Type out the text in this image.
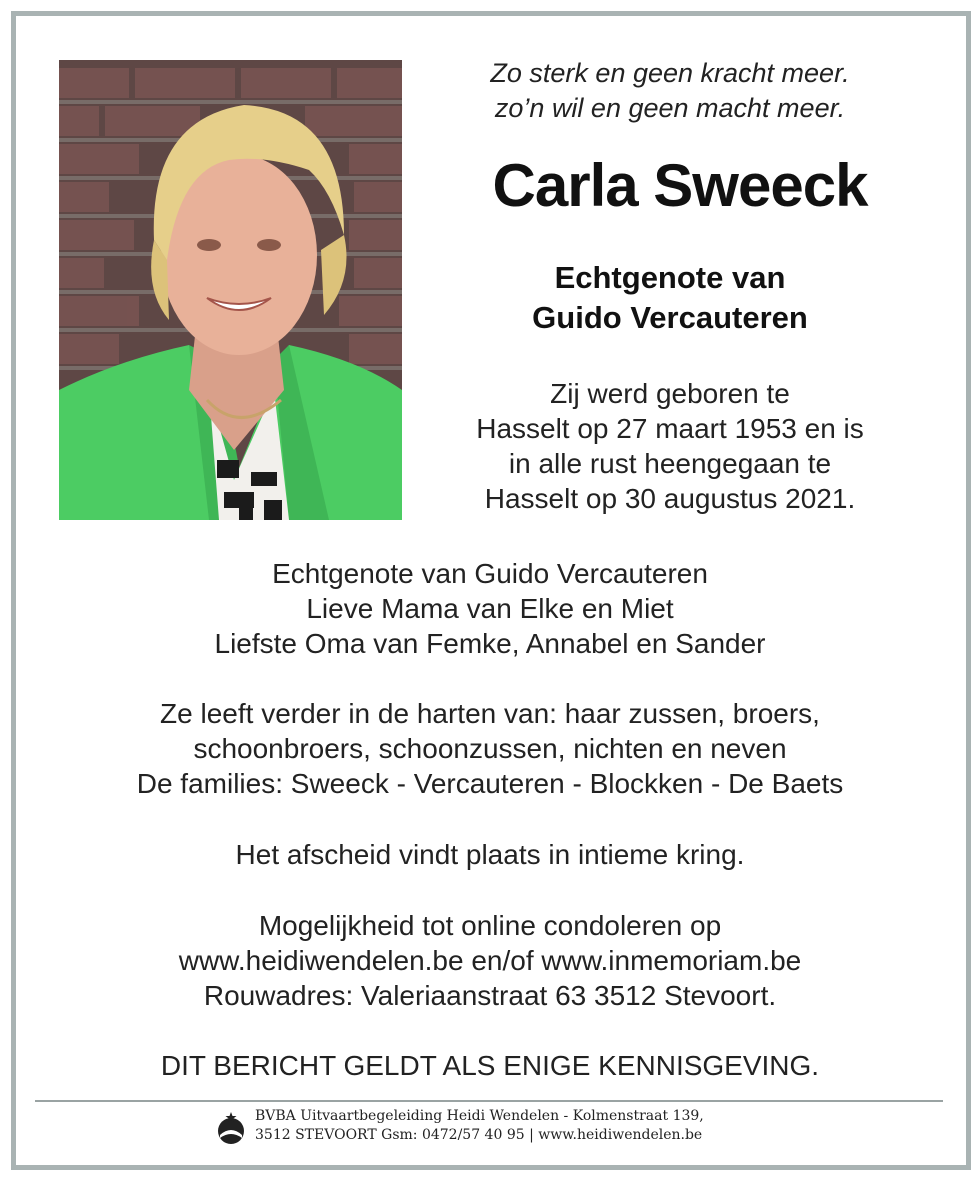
Zo sterk en geen kracht meer.
zo’n wil en geen macht meer.
Carla Sweeck
Echtgenote van
Guido Vercauteren
Zij werd geboren te
Hasselt op 27 maart 1953 en is
in alle rust heengegaan te
Hasselt op 30 augustus 2021.
Echtgenote van Guido Vercauteren
Lieve Mama van Elke en Miet
Liefste Oma van Femke, Annabel en Sander
Ze leeft verder in de harten van: haar zussen, broers,
schoonbroers, schoonzussen, nichten en neven
De families: Sweeck - Vercauteren - Blockken - De Baets
Het afscheid vindt plaats in intieme kring.
Mogelijkheid tot online condoleren op
www.heidiwendelen.be en/of www.inmemoriam.be
Rouwadres: Valeriaanstraat 63 3512 Stevoort.
DIT BERICHT GELDT ALS ENIGE KENNISGEVING.
BVBA Uitvaartbegeleiding Heidi Wendelen - Kolmenstraat 139,
3512 STEVOORT Gsm: 0472/57 40 95 | www.heidiwendelen.be
